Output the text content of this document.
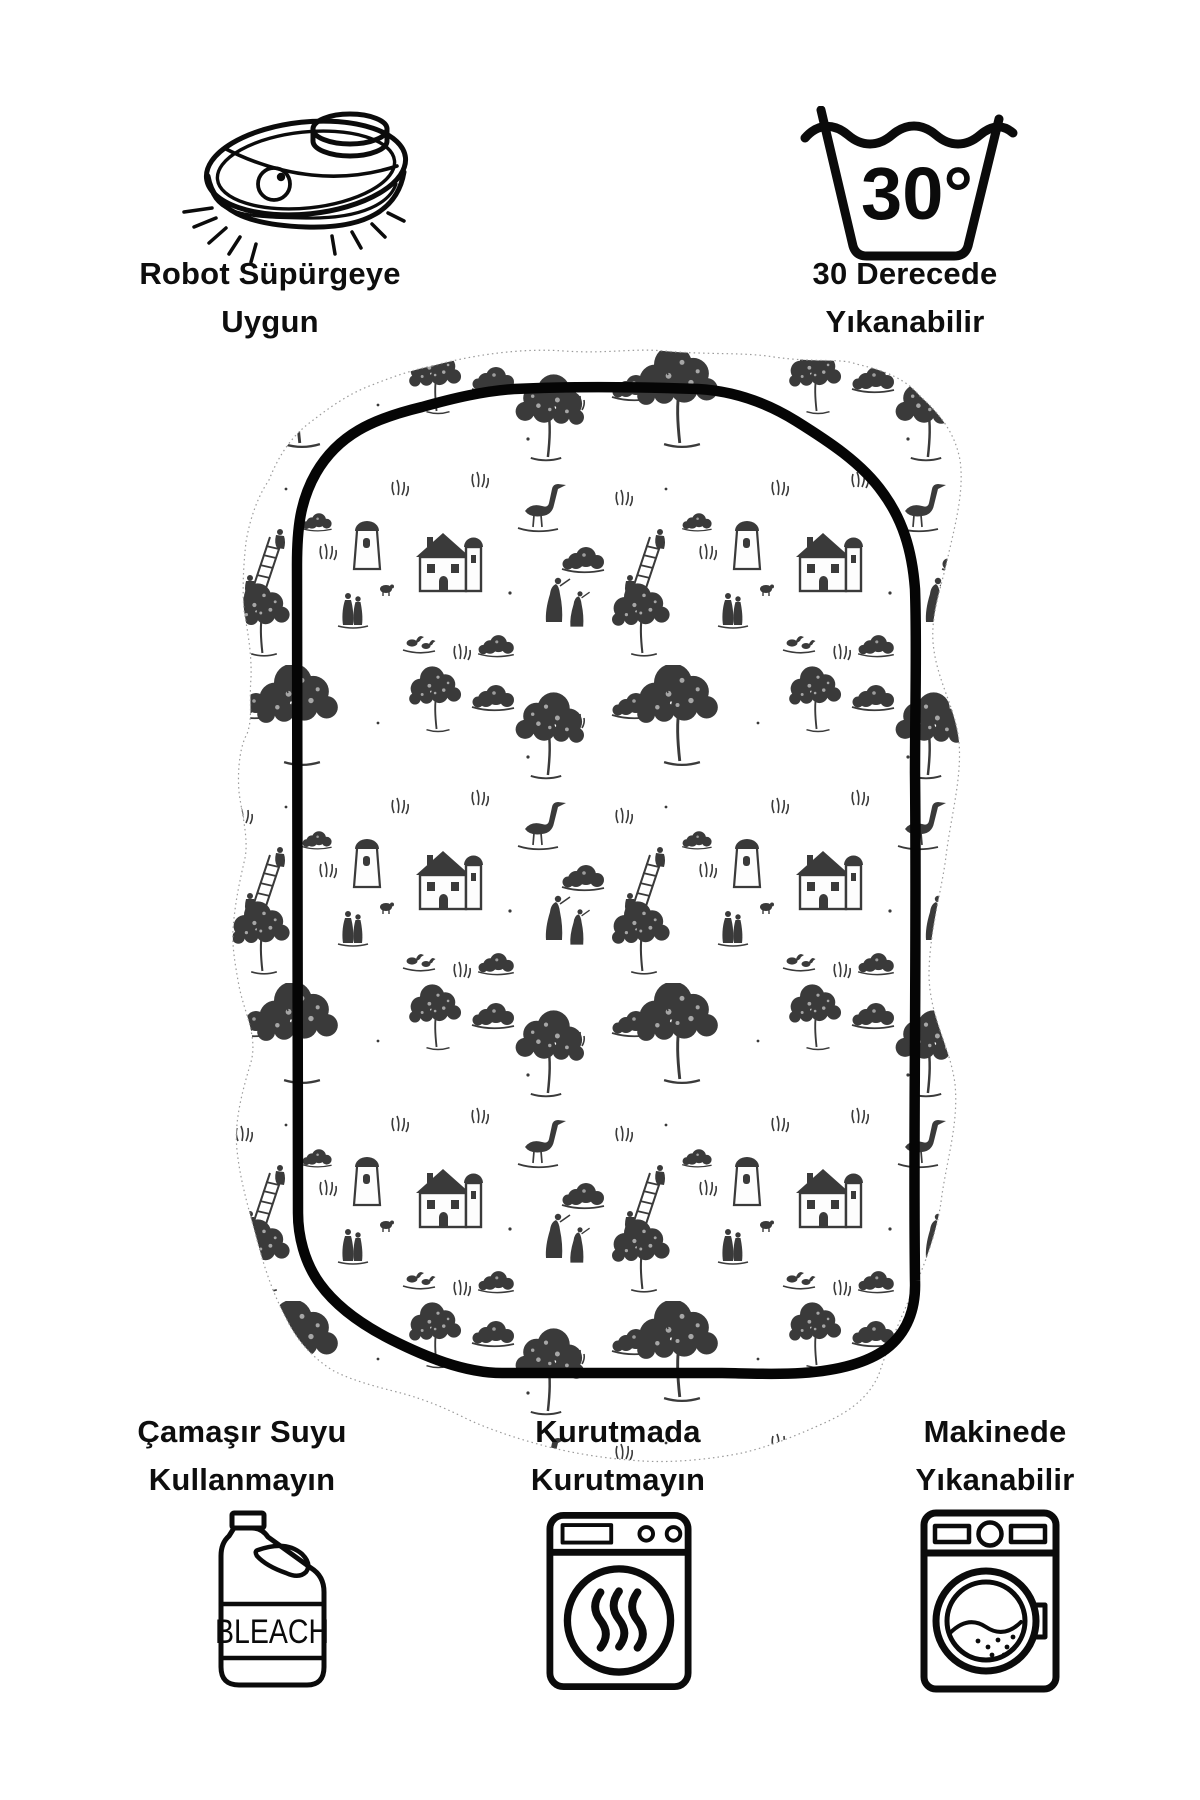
Robot Süpürgeye
Uygun
30°
30 Derecede
Yıkanabilir
Çamaşır Suyu
Kullanmayın
BLEACH
Kurutmada
Kurutmayın
Makinede
Yıkanabilir
